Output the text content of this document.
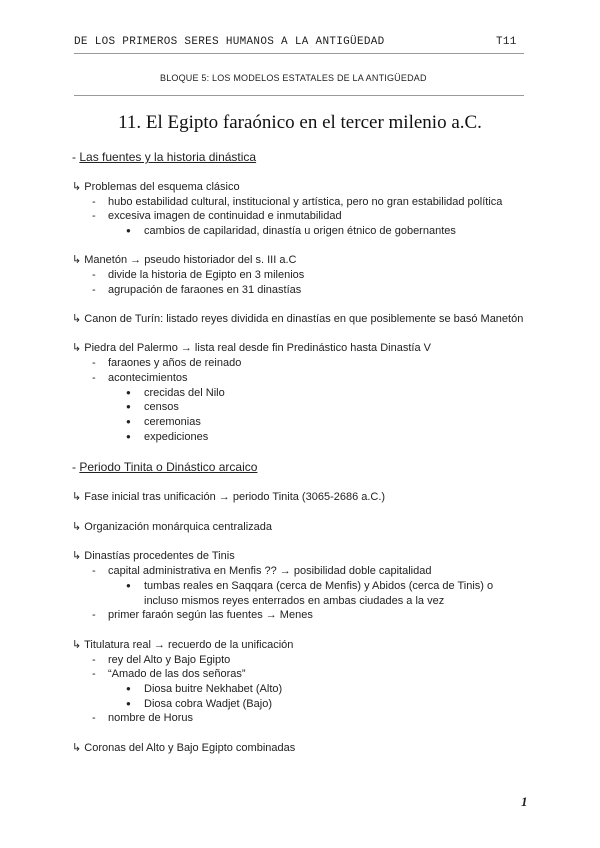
DE LOS PRIMEROS SERES HUMANOS A LA ANTIGÜEDAD	T11
BLOQUE 5: LOS MODELOS ESTATALES DE LA ANTIGÜEDAD
11. El Egipto faraónico en el tercer milenio a.C.
- Las fuentes y la historia dinástica
↳ Problemas del esquema clásico
- hubo estabilidad cultural, institucional y artística, pero no gran estabilidad política
- excesiva imagen de continuidad e inmutabilidad
● cambios de capilaridad, dinastía u origen étnico de gobernantes
↳ Manetón → pseudo historiador del s. III a.C
- divide la historia de Egipto en 3 milenios
- agrupación de faraones en 31 dinastías
↳ Canon de Turín: listado reyes dividida en dinastías en que posiblemente se basó Manetón
↳ Piedra del Palermo → lista real desde fin Predinástico hasta Dinastía V
- faraones y años de reinado
- acontecimientos
● crecidas del Nilo
● censos
● ceremonias
● expediciones
- Periodo Tinita o Dinástico arcaico
↳ Fase inicial tras unificación → periodo Tinita (3065-2686 a.C.)
↳ Organización monárquica centralizada
↳ Dinastías procedentes de Tinis
- capital administrativa en Menfis ?? → posibilidad doble capitalidad
● tumbas reales en Saqqara (cerca de Menfis) y Abidos (cerca de Tinis) o
incluso mismos reyes enterrados en ambas ciudades a la vez
- primer faraón según las fuentes → Menes
↳ Titulatura real → recuerdo de la unificación
- rey del Alto y Bajo Egipto
- “Amado de las dos señoras”
● Diosa buitre Nekhabet (Alto)
● Diosa cobra Wadjet (Bajo)
- nombre de Horus
↳ Coronas del Alto y Bajo Egipto combinadas
1
